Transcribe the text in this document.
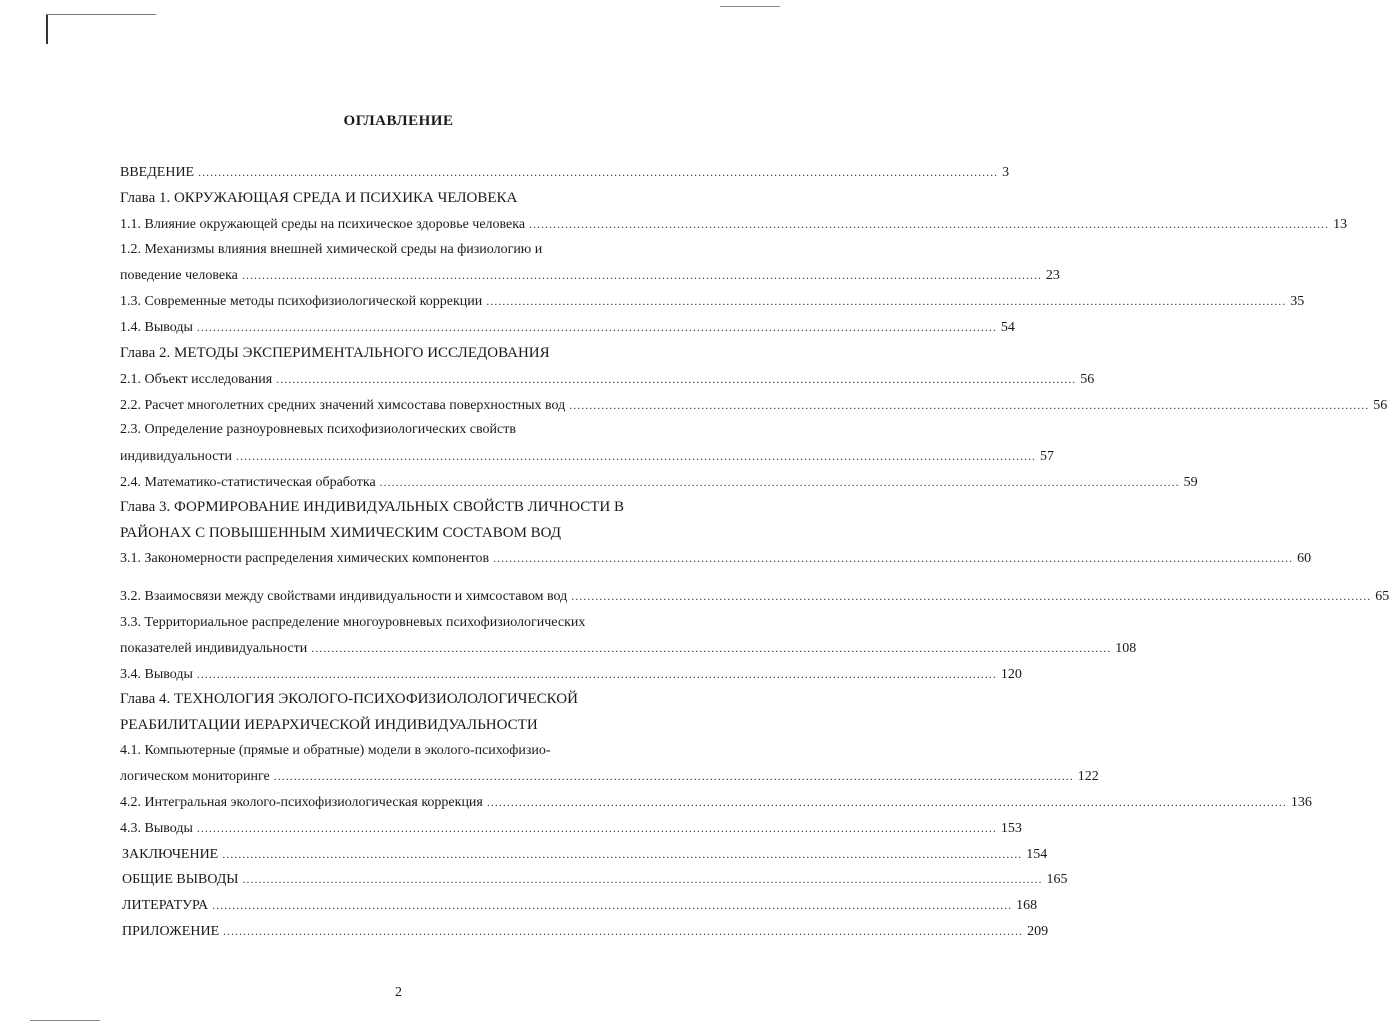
ОГЛАВЛЕНИЕ
ВВЕДЕНИЕ ........................................................................................................................................................................................................ 3
Глава 1. ОКРУЖАЮЩАЯ СРЕДА И ПСИХИКА ЧЕЛОВЕКА
1.1. Влияние окружающей среды на психическое здоровье человека ........................................................................................................................................................................................................ 13
1.2. Механизмы влияния внешней химической среды на физиологию и
поведение человека ........................................................................................................................................................................................................ 23
1.3. Современные методы психофизиологической коррекции ........................................................................................................................................................................................................ 35
1.4. Выводы ........................................................................................................................................................................................................ 54
Глава 2. МЕТОДЫ ЭКСПЕРИМЕНТАЛЬНОГО ИССЛЕДОВАНИЯ
2.1. Объект исследования ........................................................................................................................................................................................................ 56
2.2. Расчет многолетних средних значений химсостава поверхностных вод ........................................................................................................................................................................................................ 56
2.3. Определение разноуровневых психофизиологических свойств
индивидуальности ........................................................................................................................................................................................................ 57
2.4. Математико-статистическая обработка ........................................................................................................................................................................................................ 59
Глава 3. ФОРМИРОВАНИЕ ИНДИВИДУАЛЬНЫХ СВОЙСТВ ЛИЧНОСТИ В
РАЙОНАХ С ПОВЫШЕННЫМ ХИМИЧЕСКИМ СОСТАВОМ ВОД
3.1. Закономерности распределения химических компонентов ........................................................................................................................................................................................................ 60
3.2. Взаимосвязи между свойствами индивидуальности и химсоставом вод ........................................................................................................................................................................................................ 65
3.3. Территориальное распределение многоуровневых психофизиологических
показателей индивидуальности ........................................................................................................................................................................................................ 108
3.4. Выводы ........................................................................................................................................................................................................ 120
Глава 4. ТЕХНОЛОГИЯ ЭКОЛОГО-ПСИХОФИЗИОЛОЛОГИЧЕСКОЙ
РЕАБИЛИТАЦИИ ИЕРАРХИЧЕСКОЙ ИНДИВИДУАЛЬНОСТИ
4.1. Компьютерные (прямые и обратные) модели в эколого-психофизио-
логическом мониторинге ........................................................................................................................................................................................................ 122
4.2. Интегральная эколого-психофизиологическая коррекция ........................................................................................................................................................................................................ 136
4.3. Выводы ........................................................................................................................................................................................................ 153
ЗАКЛЮЧЕНИЕ ........................................................................................................................................................................................................ 154
ОБЩИЕ ВЫВОДЫ ........................................................................................................................................................................................................ 165
ЛИТЕРАТУРА ........................................................................................................................................................................................................ 168
ПРИЛОЖЕНИЕ ........................................................................................................................................................................................................ 209
2
